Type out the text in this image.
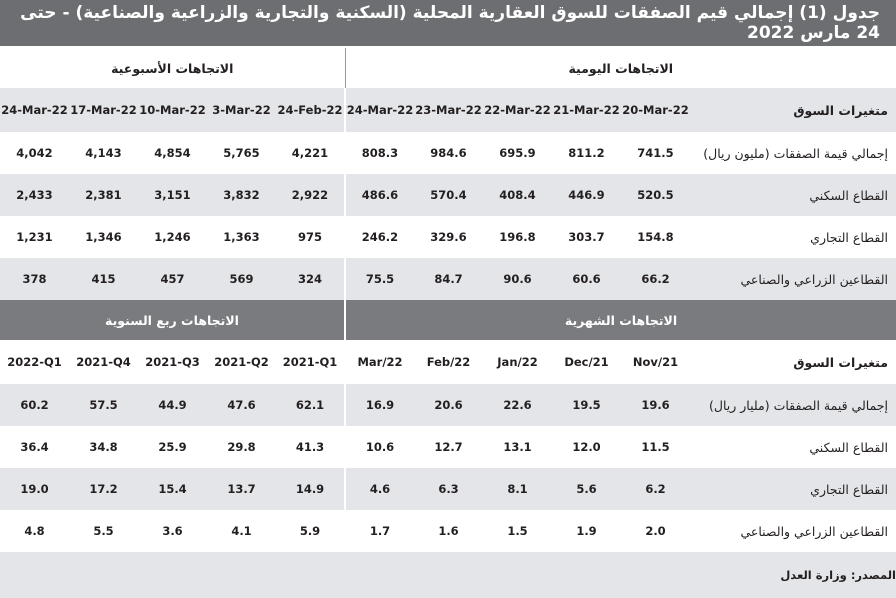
جدول (1) إجمالي قيم الصفقات للسوق العقارية المحلية (السكنية والتجارية والزراعية والصناعية) - حتى 24 مارس 2022
الاتجاهات الأسبوعية					الاتجاهات اليومية					
24-Mar-22	17-Mar-22	10-Mar-22	3-Mar-22	24-Feb-22	24-Mar-22	23-Mar-22	22-Mar-22	21-Mar-22	20-Mar-22	متغيرات السوق
4,042	4,143	4,854	5,765	4,221	808.3	984.6	695.9	811.2	741.5	إجمالي قيمة الصفقات (مليون ريال)
2,433	2,381	3,151	3,832	2,922	486.6	570.4	408.4	446.9	520.5	القطاع السكني
1,231	1,346	1,246	1,363	975	246.2	329.6	196.8	303.7	154.8	القطاع التجاري
378	415	457	569	324	75.5	84.7	90.6	60.6	66.2	القطاعين الزراعي والصناعي
الاتجاهات ربع السنوية					الاتجاهات الشهرية					
2022-Q1	2021-Q4	2021-Q3	2021-Q2	2021-Q1	Mar/22	Feb/22	Jan/22	Dec/21	Nov/21	متغيرات السوق
60.2	57.5	44.9	47.6	62.1	16.9	20.6	22.6	19.5	19.6	إجمالي قيمة الصفقات (مليار ريال)
36.4	34.8	25.9	29.8	41.3	10.6	12.7	13.1	12.0	11.5	القطاع السكني
19.0	17.2	15.4	13.7	14.9	4.6	6.3	8.1	5.6	6.2	القطاع التجاري
4.8	5.5	3.6	4.1	5.9	1.7	1.6	1.5	1.9	2.0	القطاعين الزراعي والصناعي
المصدر: وزارة العدل
